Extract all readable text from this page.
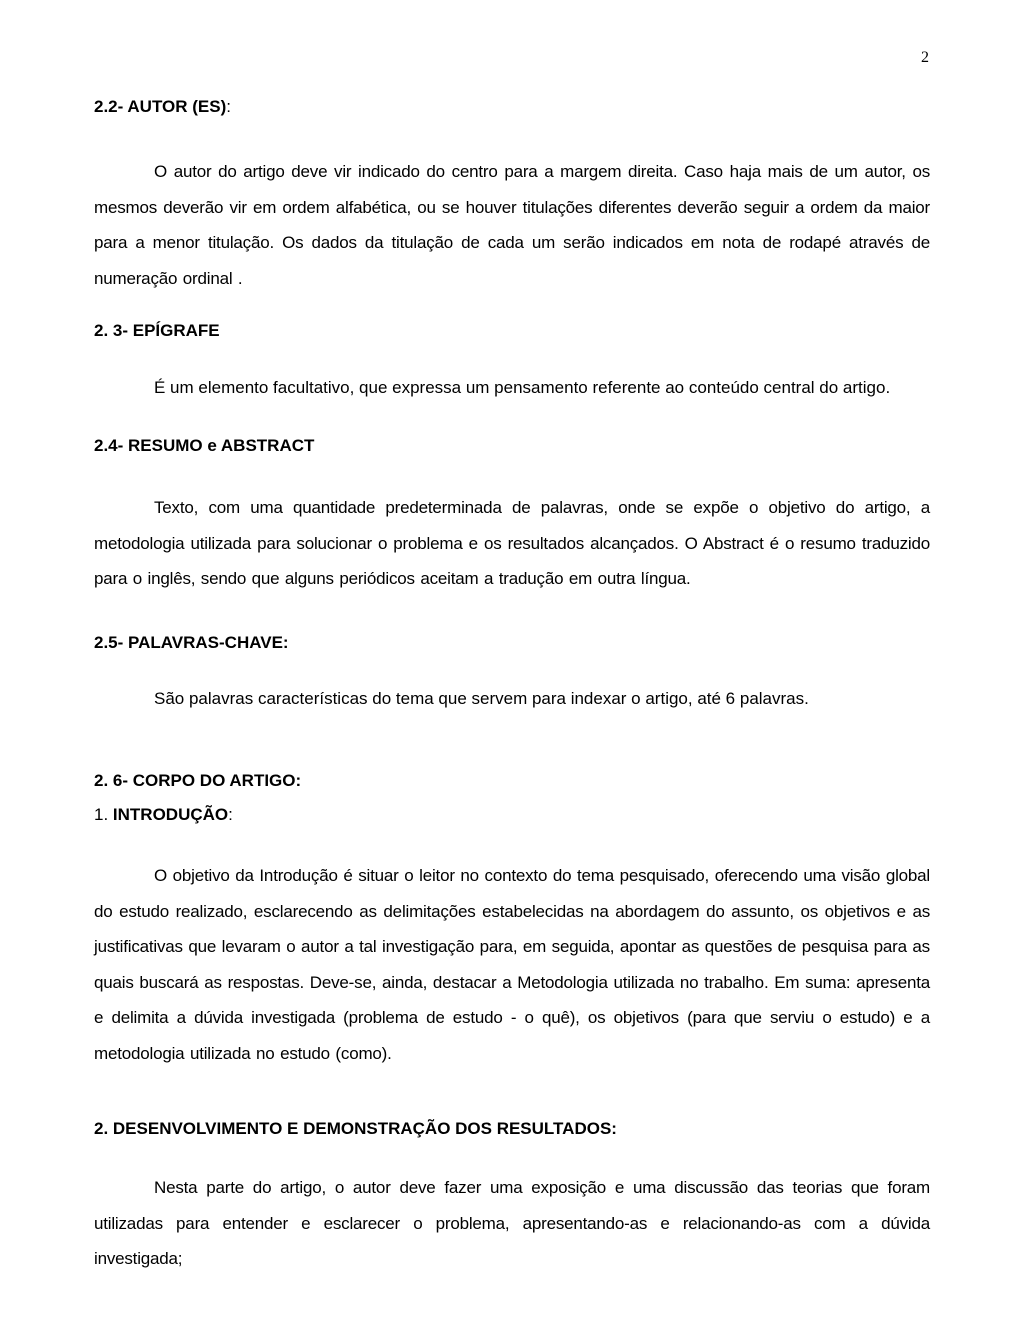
2
2.2- AUTOR (ES):
O autor do artigo deve vir indicado do centro para a margem direita. Caso haja mais de um autor, os mesmos deverão vir em ordem alfabética, ou se houver titulações diferentes deverão seguir a ordem da maior para a menor titulação. Os dados da titulação de cada um serão indicados em nota de rodapé através de numeração ordinal .
2. 3- EPÍGRAFE
É um elemento facultativo, que expressa um pensamento referente ao conteúdo central do artigo.
2.4- RESUMO e ABSTRACT
Texto, com uma quantidade predeterminada de palavras, onde se expõe o objetivo do artigo, a metodologia utilizada para solucionar o problema e os resultados alcançados. O Abstract é o resumo traduzido para o inglês, sendo que alguns periódicos aceitam a tradução em outra língua.
2.5- PALAVRAS-CHAVE:
São palavras características do tema que servem para indexar o artigo, até 6 palavras.
2. 6- CORPO DO ARTIGO:
1. INTRODUÇÃO:
O objetivo da Introdução é situar o leitor no contexto do tema pesquisado, oferecendo uma visão global do estudo realizado, esclarecendo as delimitações estabelecidas na abordagem do assunto, os objetivos e as justificativas que levaram o autor a tal investigação para, em seguida, apontar as questões de pesquisa para as quais buscará as respostas. Deve-se, ainda, destacar a Metodologia utilizada no trabalho. Em suma: apresenta e delimita a dúvida investigada (problema de estudo - o quê), os objetivos (para que serviu o estudo) e a metodologia utilizada no estudo (como).
2. DESENVOLVIMENTO E DEMONSTRAÇÃO DOS RESULTADOS:
Nesta parte do artigo, o autor deve fazer uma exposição e uma discussão das teorias que foram utilizadas para entender e esclarecer o problema, apresentando-as e relacionando-as com a dúvida investigada;
